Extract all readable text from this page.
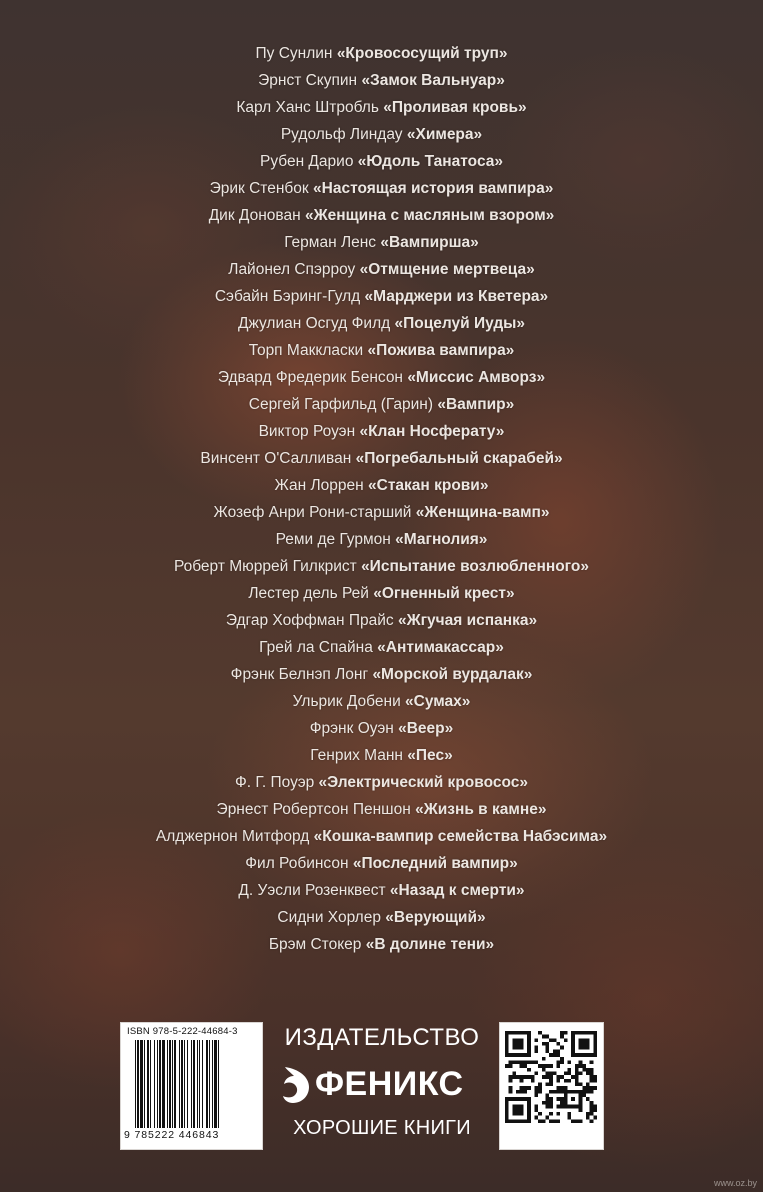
Пу Сунлин «Кровососущий труп»
Эрнст Скупин «Замок Вальнуар»
Карл Ханс Штробль «Проливая кровь»
Рудольф Линдау «Химера»
Рубен Дарио «Юдоль Танатоса»
Эрик Стенбок «Настоящая история вампира»
Дик Донован «Женщина с масляным взором»
Герман Ленс «Вампирша»
Лайонел Спэрроу «Отмщение мертвеца»
Сэбайн Бэринг-Гулд «Марджери из Кветера»
Джулиан Осгуд Филд «Поцелуй Иуды»
Торп Маккласки «Пожива вампира»
Эдвард Фредерик Бенсон «Миссис Амворз»
Сергей Гарфильд (Гарин) «Вампир»
Виктор Роуэн «Клан Носферату»
Винсент О'Салливан «Погребальный скарабей»
Жан Лоррен «Стакан крови»
Жозеф Анри Рони-старший «Женщина-вамп»
Реми де Гурмон «Магнолия»
Роберт Мюррей Гилкрист «Испытание возлюбленного»
Лестер дель Рей «Огненный крест»
Эдгар Хоффман Прайс «Жгучая испанка»
Грей ла Спайна «Антимакассар»
Фрэнк Белнэп Лонг «Морской вурдалак»
Ульрик Добени «Сумах»
Фрэнк Оуэн «Веер»
Генрих Манн «Пес»
Ф. Г. Поуэр «Электрический кровосос»
Эрнест Робертсон Пеншон «Жизнь в камне»
Алджернон Митфорд «Кошка-вампир семейства Набэсима»
Фил Робинсон «Последний вампир»
Д. Уэсли Розенквест «Назад к смерти»
Сидни Хорлер «Верующий»
Брэм Стокер «В долине тени»
ISBN 978-5-222-44684-3
9 785222 446843
ИЗДАТЕЛЬСТВО
ФЕНИКС
ХОРОШИЕ КНИГИ
www.oz.by
